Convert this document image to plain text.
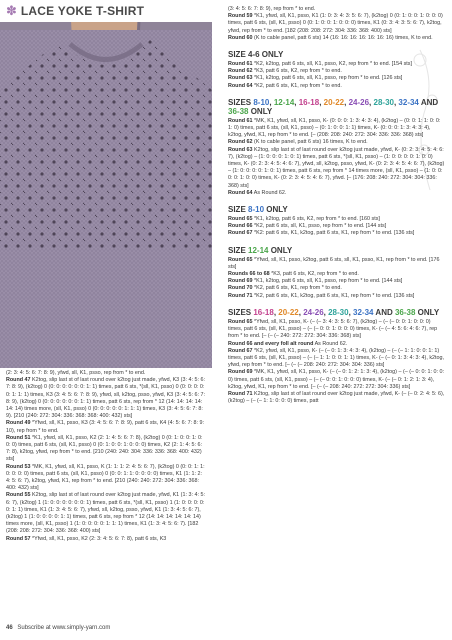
✽ LACE YOKE T-SHIRT

(2: 3: 4: 5: 6: 7: 8: 9), yfwd, sll, K1, psso, rep from * to end.

Round 47 K2tog, slip last st of last round over k2tog just made, yfwd, K3 (3: 4: 5: 6: 7: 8: 9), (k2tog) 0 (0: 0: 0: 0: 0: 0: 1: 1) times, patt 6 sts, *(sll, K1, psso) 0 (0: 0: 0: 0: 0: 1: 1: 1) times, K3 (3: 4: 5: 6: 7: 8: 9), yfwd, sll, k2tog, psso, yfwd, K3 (3: 4: 5: 6: 7: 8: 9), (k2tog) 0 (0: 0: 0: 0: 0: 0: 1: 1) times, patt 6 sts, rep from * 12 (14: 14: 14: 14: 14: 14) times more, (sll, K1, psso) 0 (0: 0: 0: 0: 0: 1: 1: 1) times, K3 (3: 4: 5: 6: 7: 8: 9). [210 (240: 272: 304: 336: 368: 368: 400: 432) sts]

Round 49 *Yfwd, sll, K1, psso, K3 (3: 4: 5: 6: 7: 8: 9), patt 6 sts, K4 (4: 5: 6: 7: 8: 9: 10), rep from * to end.

Round 51 *K1, yfwd, sll, K1, psso, K2 (2: 1: 4: 5: 6: 7: 8), (k2tog) 0 (0: 1: 0: 0: 1: 0: 0: 0) times, patt 6 sts, (sll, K1, psso) 0 (0: 1: 0: 0: 1: 0: 0: 0) times, K2 (2: 1: 4: 5: 6: 7: 8), k2tog, yfwd, rep from * to end. [210 (240: 240: 304: 336: 336: 368: 400: 432) sts]

Round 53 *MK, K1, yfwd, sll, K1, psso, K (1: 1: 1: 2: 4: 5: 6: 7), (k2tog) 0 (0: 0: 1: 1: 0: 0: 0: 0) times, patt 6 sts, (sll, K1, psso) 0 (0: 0: 1: 1: 0: 0: 0: 0) times, K1 (1: 1: 2: 4: 5: 6: 7), k2tog, yfwd, K1, rep from * to end. [210 (240: 240: 272: 304: 336: 368: 400: 432) sts]

Round 55 K2tog, slip last st of last round over k2tog just made, yfwd, K1 (1: 3: 4: 5: 6: 7), (k2tog) 1 (1: 0: 0: 0: 0: 0: 0: 1) times, patt 6 sts, *(sll, K1, psso) 1 (1: 0: 0: 0: 0: 0: 1: 1) times, K1 (1: 3: 4: 5: 6: 7), yfwd, sll, k2tog, psso, yfwd, K1 (1: 3: 4: 5: 6: 7), (k2tog) 1 (1: 0: 0: 0: 0: 1: 1) times, patt 6 sts, rep from * 12 (14: 14: 14: 14: 14: 14) times more, (sll, K1, psso) 1 (1: 0: 0: 0: 0: 1: 1: 1) times, K1 (1: 3: 4: 5: 6: 7). [182 (208: 208: 272: 304: 336: 368: 400) sts]

Round 57 *Yfwd, sll, K1, psso, K2 (2: 3: 4: 5: 6: 7: 8), patt 6 sts, K3

(3: 4: 5: 6: 7: 8: 9), rep from * to end.

Round 59 *K1, yfwd, sll, K1, psso, K1 (1: 0: 3: 4: 3: 5: 6: 7), (k2tog) 0 (0: 1: 0: 0: 1: 0: 0: 0) times, patt 6 sts, (sll, K1, psso) 0 (0: 1: 0: 0: 1: 0: 0: 0) times, K1 (0: 3: 4: 3: 5: 6: 7), k2tog, yfwd, rep from * to end. [182 (208: 208: 272: 304: 336: 368: 400) sts]

Round 60 (K to cable panel, patt 6 sts) 14 (16: 16: 16: 16: 16: 16: 16) times, K to end.

SIZE 4-6 ONLY

Round 61 *K2, k2tog, patt 6 sts, sll, K1, psso, K2, rep from * to end. [154 sts]

Round 62 *K3, patt 6 sts, K2, rep from * to end.

Round 63 *K1, k2tog, patt 6 sts, sll, K1, psso, rep from * to end. [126 sts]

Round 64 *K2, patt 6 sts, K1, rep from * to end.

SIZES 8-10, 12-14, 16-18, 20-22, 24-26, 28-30, 32-34 AND 36-38 ONLY

Round 61 *MK, K1, yfwd, sll, K1, psso, K- (0: 0: 0: 1: 3: 4: 3: 4), (k2tog) – (0: 0: 1: 1: 0: 0: 1: 0) times, patt 6 sts, (sll, K1, psso) – (0: 1: 0: 0: 1: 1) times, K- (0: 0: 0: 1: 3: 4: 3: 4), k2tog, yfwd, K1, rep from * to end. [– (208: 208: 240: 272: 304: 336: 336: 368) sts]

Round 62 (K to cable panel, patt 6 sts) 16 times, K to end.

Round 63 K2tog, slip last st of last round over k2tog just made, yfwd, K- (0: 2: 3: 4: 5: 4: 6: 7), (k2tog) – (1: 0: 0: 0: 1: 0: 1) times, patt 6 sts, *(sll, K1, psso) – (1: 0: 0: 0: 0: 1: 0: 0) times, K- (0: 2: 3: 4: 5: 4: 6: 7), yfwd, sll, k2tog, psso, yfwd, K- (0: 2: 3: 4: 5: 4: 6: 7), (k2tog) – (1: 0: 0: 0: 0: 1: 0: 1) times, patt 6 sts, rep from * 14 times more, (sll, K1, psso) – (1: 0: 0: 0: 0: 1: 0: 0) times, K- (0: 2: 3: 4: 5: 4: 6: 7), yfwd. [– (176: 208: 240: 272: 304: 304: 336: 368) sts]

Round 64 As Round 62.

SIZE 8-10 ONLY

Round 65 *K1, k2tog, patt 6 sts, K2, rep from * to end. [160 sts]

Round 66 *K2, patt 6 sts, sll, K1, psso, rep from * to end. [144 sts]

Round 67 *K2: patt 6 sts, K1, k2tog, patt 6 sts, K1, rep from * to end. [136 sts]

SIZE 12-14 ONLY

Round 65 *Yfwd, sll, K1, psso, k2tog, patt 6 sts, sll, K1, psso, K1, rep from * to end. [176 sts]

Rounds 66 to 68 *K3, patt 6 sts, K2, rep from * to end.

Round 69 *K1, k2tog, patt 6 sts, sll, K1, psso, rep from * to end. [144 sts]

Round 70 *K2, patt 6 sts, K1, rep from * to end.

Round 71 *K2, patt 6 sts, K1, k2tog, patt 6 sts, K1, rep from * to end. [136 sts]

SIZES 16-18, 20-22, 24-26, 28-30, 32-34 AND 36-38 ONLY

Round 65 *Yfwd, sll, K1, psso, K- (– (– 3: 4: 3: 5: 6: 7), (k2tog) – (– (– 0: 0: 1: 0: 0: 0) times, patt 6 sts, (sll, K1, psso) – (– (– 0: 0: 1: 0: 0: 0) times, K- (– (– 4: 5: 6: 4: 6: 7), rep from * to end. [– (– (– 240: 272: 272: 304: 336: 368) sts]

Round 66 and every foll alt round As Round 62.

Round 67 *K2, yfwd, sll, K1, psso, K- (– (– 0: 1: 3: 4: 3: 4), (k2tog) – (– (– 1: 1: 0: 0: 1: 1) times, patt 6 sts, (sll, K1, psso) – (– (– 1: 1: 0: 0: 1: 1) times, K- (– (– 0: 1: 3: 4: 3: 4), k2tog, yfwd, rep from * to end. [– (– (– 208: 240: 272: 304: 304: 336) sts]

Round 69 *MK, K1, yfwd, sll, K1, psso, K- (– (– 0: 1: 2: 1: 3: 4), (k2tog) – (– (– 0: 0: 1: 0: 0: 0) times, patt 6 sts, (sll, K1, psso) – (– (– 0: 0: 1: 0: 0: 0) times, K- (– (– 0: 1: 2: 1: 3: 4), k2tog, yfwd, K1, rep from * to end. [– (– (– 208: 240: 272: 272: 304: 336) sts]

Round 71 K2tog, slip last st of last round over k2tog just made, yfwd, K- (– (– 0: 2: 4: 5: 6), (k2tog) – (– (– 1: 1: 0: 0: 0) times, patt

46 Subscribe at www.simply-yarn.com
